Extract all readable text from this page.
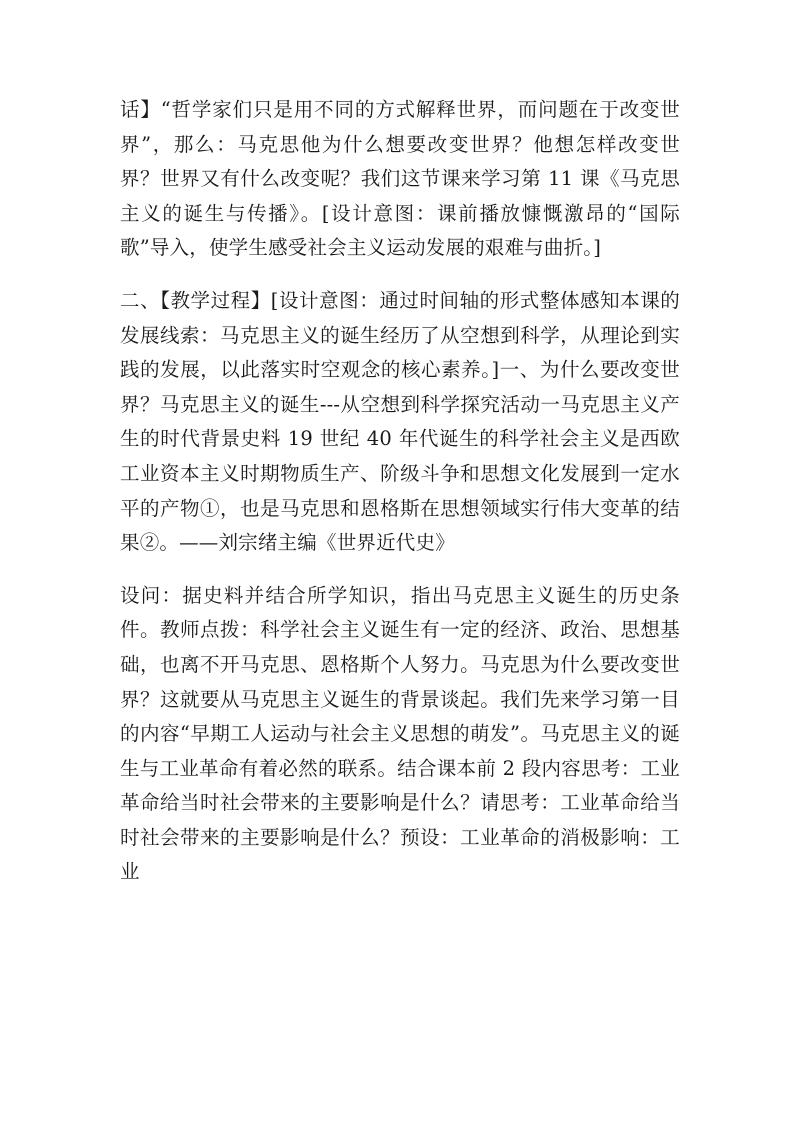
话】“哲学家们只是用不同的方式解释世界，而问题在于改变世界”，那么：马克思他为什么想要改变世界？他想怎样改变世界？世界又有什么改变呢？我们这节课来学习第 11 课《马克思主义的诞生与传播》。[设计意图：课前播放慷慨激昂的“国际歌”导入，使学生感受社会主义运动发展的艰难与曲折。]

二、【教学过程】[设计意图：通过时间轴的形式整体感知本课的发展线索：马克思主义的诞生经历了从空想到科学，从理论到实践的发展，以此落实时空观念的核心素养。]一、为什么要改变世界？马克思主义的诞生---从空想到科学探究活动一马克思主义产生的时代背景史料 19 世纪 40 年代诞生的科学社会主义是西欧工业资本主义时期物质生产、阶级斗争和思想文化发展到一定水平的产物①，也是马克思和恩格斯在思想领域实行伟大变革的结果②。——刘宗绪主编《世界近代史》

设问：据史料并结合所学知识，指出马克思主义诞生的历史条件。教师点拨：科学社会主义诞生有一定的经济、政治、思想基础，也离不开马克思、恩格斯个人努力。马克思为什么要改变世界？这就要从马克思主义诞生的背景谈起。我们先来学习第一目的内容“早期工人运动与社会主义思想的萌发”。马克思主义的诞生与工业革命有着必然的联系。结合课本前 2 段内容思考：工业革命给当时社会带来的主要影响是什么？请思考：工业革命给当时社会带来的主要影响是什么？预设：工业革命的消极影响：工业
